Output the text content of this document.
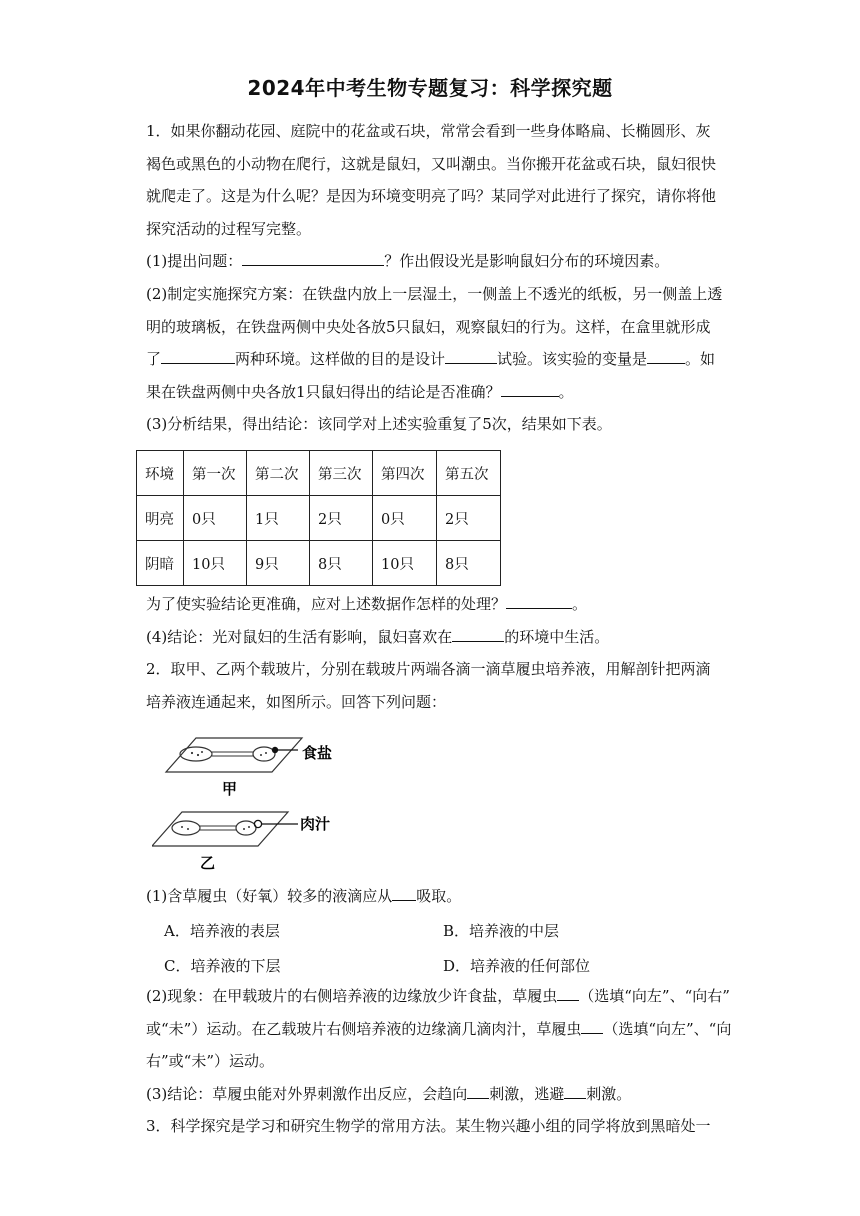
2024年中考生物专题复习：科学探究题
1．如果你翻动花园、庭院中的花盆或石块，常常会看到一些身体略扁、长椭圆形、灰
褐色或黑色的小动物在爬行，这就是鼠妇，又叫潮虫。当你搬开花盆或石块，鼠妇很快
就爬走了。这是为什么呢？是因为环境变明亮了吗？某同学对此进行了探究，请你将他
探究活动的过程写完整。
(1)提出问题：	？作出假设光是影响鼠妇分布的环境因素。
(2)制定实施探究方案：在铁盘内放上一层湿土，一侧盖上不透光的纸板，另一侧盖上透
明的玻璃板，在铁盘两侧中央处各放5只鼠妇，观察鼠妇的行为。这样，在盒里就形成
了	两种环境。这样做的目的是设计	试验。该实验的变量是	。如
果在铁盘两侧中央各放1只鼠妇得出的结论是否准确？	。
(3)分析结果，得出结论：该同学对上述实验重复了5次，结果如下表。
环境	第一次	第二次	第三次	第四次	第五次
明亮	0只	1只	2只	0只	2只
阴暗	10只	9只	8只	10只	8只
为了使实验结论更准确，应对上述数据作怎样的处理？	。
(4)结论：光对鼠妇的生活有影响，鼠妇喜欢在	的环境中生活。
2．取甲、乙两个载玻片，分别在载玻片两端各滴一滴草履虫培养液，用解剖针把两滴
培养液连通起来，如图所示。回答下列问题：
食盐
甲
肉汁
乙
(1)含草履虫（好氧）较多的液滴应从 吸取。
A．培养液的表层	B．培养液的中层
C．培养液的下层	D．培养液的任何部位
(2)现象：在甲载玻片的右侧培养液的边缘放少许食盐，草履虫 （选填“向左”、“向右”
或“未”）运动。在乙载玻片右侧培养液的边缘滴几滴肉汁，草履虫 （选填“向左”、“向
右”或“未”）运动。
(3)结论：草履虫能对外界刺激作出反应，会趋向 刺激，逃避 刺激。
3．科学探究是学习和研究生物学的常用方法。某生物兴趣小组的同学将放到黑暗处一
